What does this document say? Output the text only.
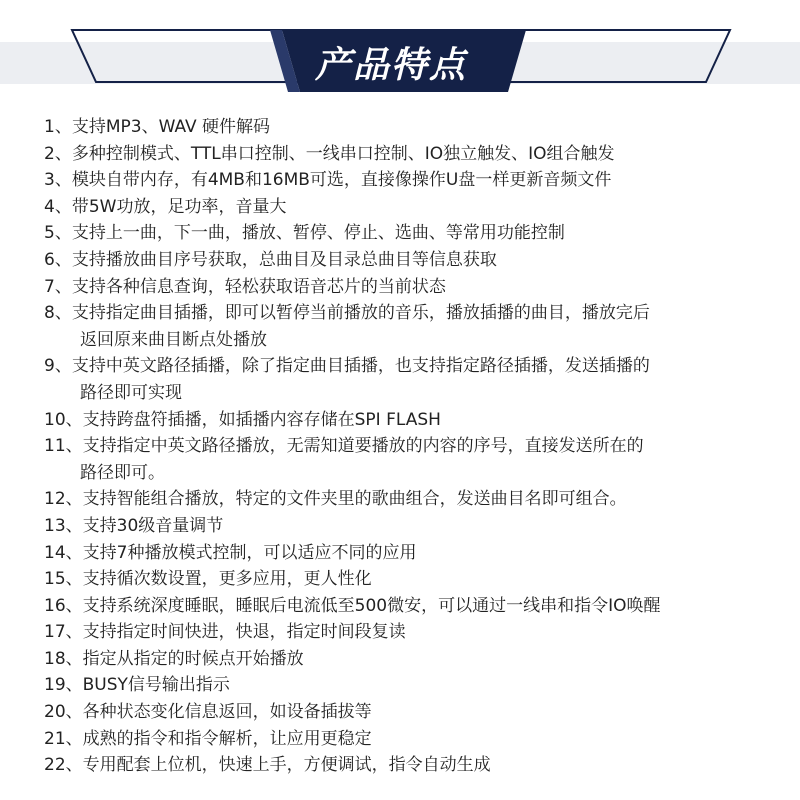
产品特点
1、支持MP3、WAV 硬件解码
2、多种控制模式、TTL串口控制、一线串口控制、IO独立触发、IO组合触发
3、模块自带内存，有4MB和16MB可选，直接像操作U盘一样更新音频文件
4、带5W功放，足功率，音量大
5、支持上一曲，下一曲，播放、暂停、停止、选曲、等常用功能控制
6、支持播放曲目序号获取，总曲目及目录总曲目等信息获取
7、支持各种信息查询，轻松获取语音芯片的当前状态
8、支持指定曲目插播，即可以暂停当前播放的音乐，播放插播的曲目，播放完后
返回原来曲目断点处播放
9、支持中英文路径插播，除了指定曲目插播，也支持指定路径插播，发送插播的
路径即可实现
10、支持跨盘符插播，如插播内容存储在SPI FLASH
11、支持指定中英文路径播放，无需知道要播放的内容的序号，直接发送所在的
路径即可。
12、支持智能组合播放，特定的文件夹里的歌曲组合，发送曲目名即可组合。
13、支持30级音量调节
14、支持7种播放模式控制，可以适应不同的应用
15、支持循次数设置，更多应用，更人性化
16、支持系统深度睡眠，睡眠后电流低至500微安，可以通过一线串和指令IO唤醒
17、支持指定时间快进，快退，指定时间段复读
18、指定从指定的时候点开始播放
19、BUSY信号输出指示
20、各种状态变化信息返回，如设备插拔等
21、成熟的指令和指令解析，让应用更稳定
22、专用配套上位机，快速上手，方便调试，指令自动生成
